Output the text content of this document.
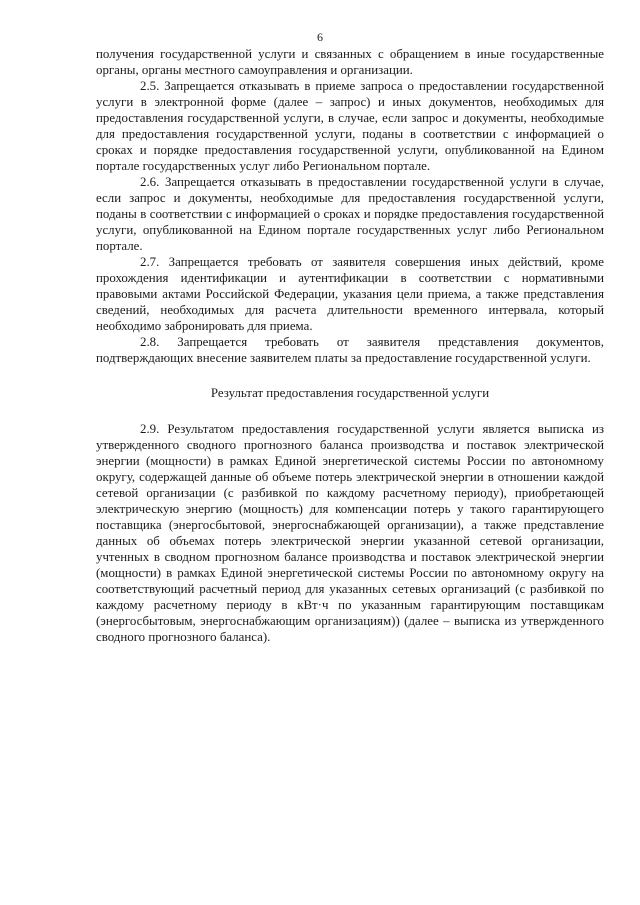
6

получения государственной услуги и связанных с обращением в иные государственные органы, органы местного самоуправления и организации.

2.5. Запрещается отказывать в приеме запроса о предоставлении государственной услуги в электронной форме (далее – запрос) и иных документов, необходимых для предоставления государственной услуги, в случае, если запрос и документы, необходимые для предоставления государственной услуги, поданы в соответствии с информацией о сроках и порядке предоставления государственной услуги, опубликованной на Едином портале государственных услуг либо Региональном портале.

2.6. Запрещается отказывать в предоставлении государственной услуги в случае, если запрос и документы, необходимые для предоставления государственной услуги, поданы в соответствии с информацией о сроках и порядке предоставления государственной услуги, опубликованной на Едином портале государственных услуг либо Региональном портале.

2.7. Запрещается требовать от заявителя совершения иных действий, кроме прохождения идентификации и аутентификации в соответствии с нормативными правовыми актами Российской Федерации, указания цели приема, а также представления сведений, необходимых для расчета длительности временного интервала, который необходимо забронировать для приема.

2.8. Запрещается требовать от заявителя представления документов, подтверждающих внесение заявителем платы за предоставление государственной услуги.

Результат предоставления государственной услуги

2.9. Результатом предоставления государственной услуги является выписка из утвержденного сводного прогнозного баланса производства и поставок электрической энергии (мощности) в рамках Единой энергетической системы России по автономному округу, содержащей данные об объеме потерь электрической энергии в отношении каждой сетевой организации (с разбивкой по каждому расчетному периоду), приобретающей электрическую энергию (мощность) для компенсации потерь у такого гарантирующего поставщика (энергосбытовой, энергоснабжающей организации), а также представление данных об объемах потерь электрической энергии указанной сетевой организации, учтенных в сводном прогнозном балансе производства и поставок электрической энергии (мощности) в рамках Единой энергетической системы России по автономному округу на соответствующий расчетный период для указанных сетевых организаций (с разбивкой по каждому расчетному периоду в кВт·ч по указанным гарантирующим поставщикам (энергосбытовым, энергоснабжающим организациям)) (далее – выписка из утвержденного сводного прогнозного баланса).
